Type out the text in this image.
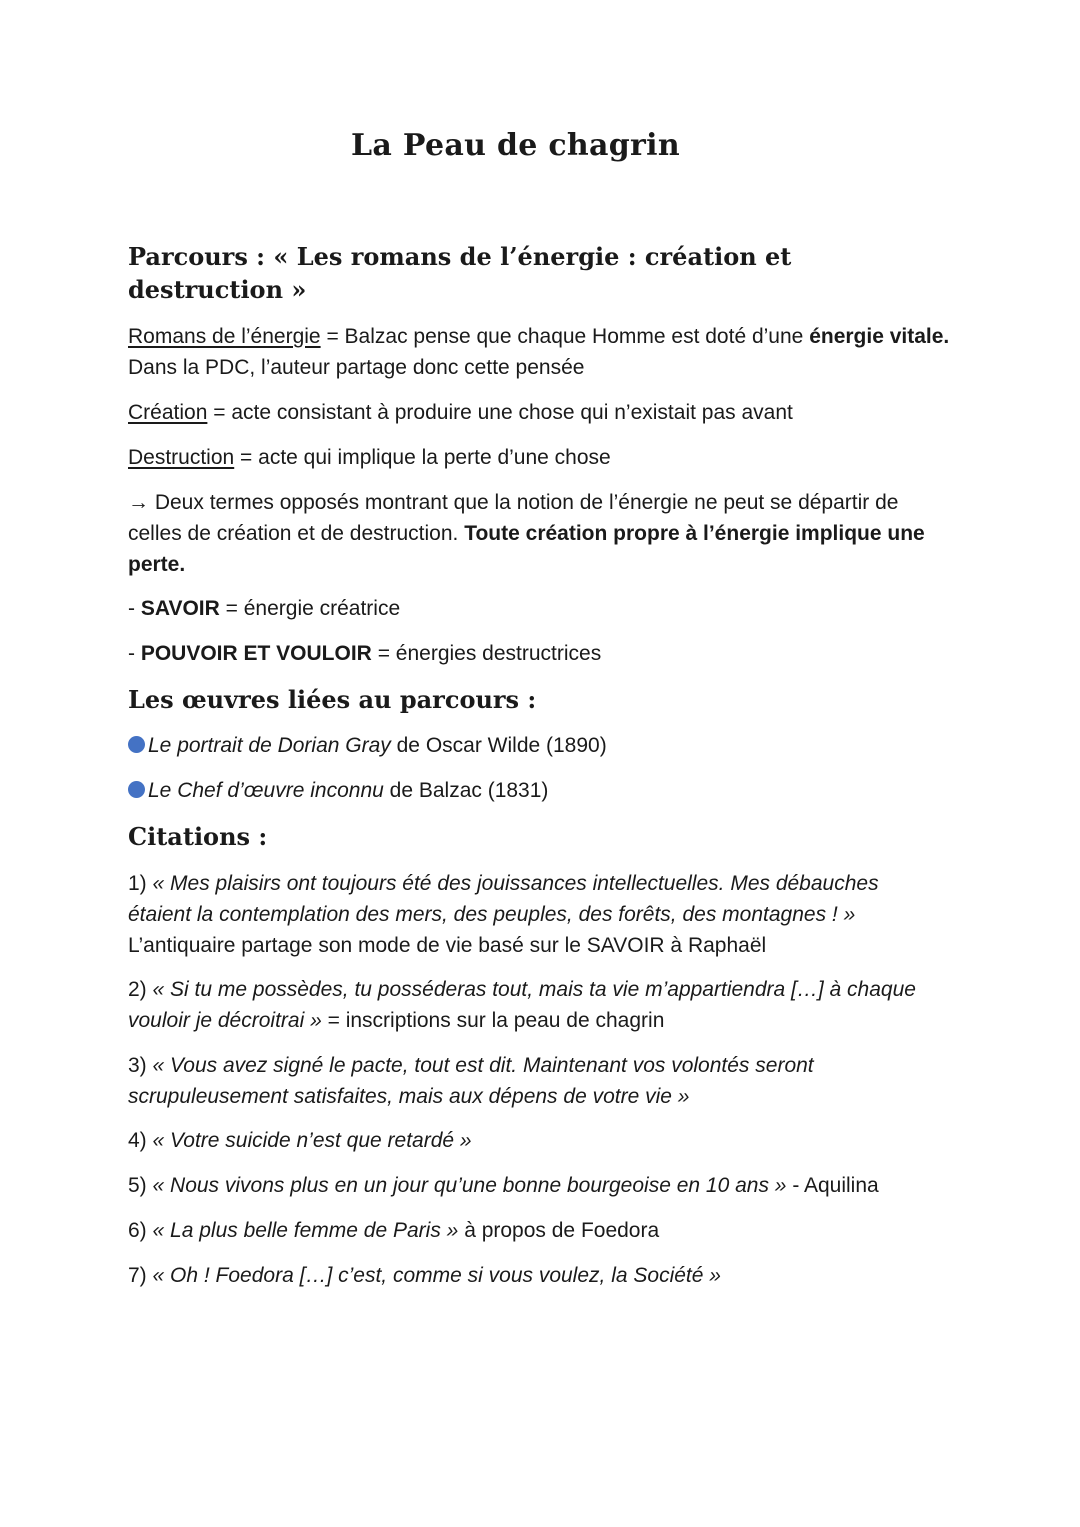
La Peau de chagrin
Parcours : « Les romans de l’énergie : création et destruction »

Romans de l’énergie = Balzac pense que chaque Homme est doté d’une énergie vitale. Dans la PDC, l’auteur partage donc cette pensée

Création = acte consistant à produire une chose qui n’existait pas avant

Destruction = acte qui implique la perte d’une chose

→ Deux termes opposés montrant que la notion de l’énergie ne peut se départir de celles de création et de destruction. Toute création propre à l’énergie implique une perte.

- SAVOIR = énergie créatrice

- POUVOIR ET VOULOIR = énergies destructrices

Les œuvres liées au parcours :

Le portrait de Dorian Gray de Oscar Wilde (1890)

Le Chef d’œuvre inconnu de Balzac (1831)

Citations :

1) « Mes plaisirs ont toujours été des jouissances intellectuelles. Mes débauches étaient la contemplation des mers, des peuples, des forêts, des montagnes ! » L’antiquaire partage son mode de vie basé sur le SAVOIR à Raphaël

2) « Si tu me possèdes, tu posséderas tout, mais ta vie m’appartiendra […] à chaque vouloir je décroitrai » = inscriptions sur la peau de chagrin

3) « Vous avez signé le pacte, tout est dit. Maintenant vos volontés seront scrupuleusement satisfaites, mais aux dépens de votre vie »

4) « Votre suicide n’est que retardé »

5) « Nous vivons plus en un jour qu’une bonne bourgeoise en 10 ans » - Aquilina

6) « La plus belle femme de Paris » à propos de Foedora

7) « Oh ! Foedora […] c’est, comme si vous voulez, la Société »
